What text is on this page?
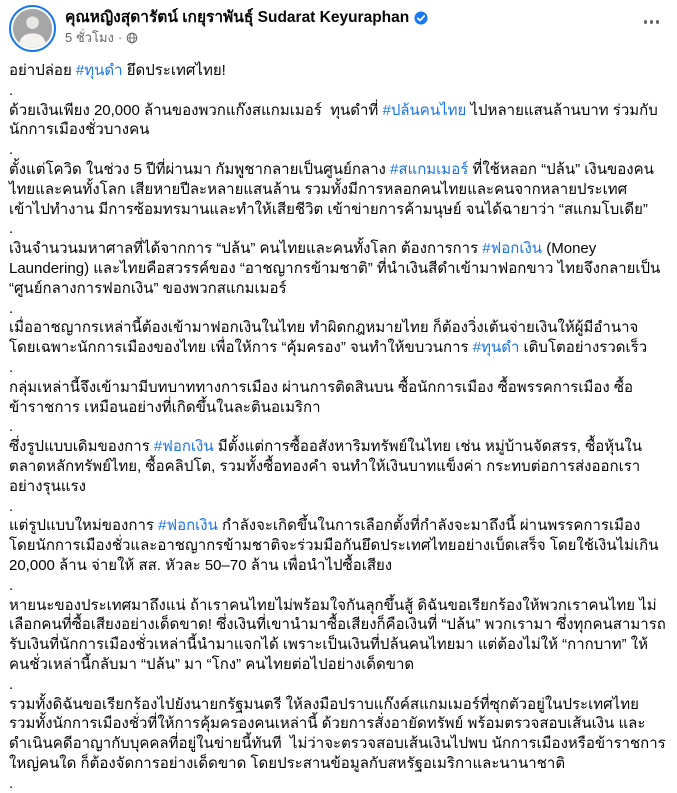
คุณหญิงสุดารัตน์ เกยุราพันธุ์ Sudarat Keyuraphan
5 ชั่วโมง ·
อย่าปล่อย #ทุนดำ ยึดประเทศไทย!
.
ด้วยเงินเพียง 20,000 ล้านของพวกแก๊งสแกมเมอร์  ทุนดำที่ #ปล้นคนไทย ไปหลายแสนล้านบาท ร่วมกับนักการเมืองชั่วบางคน
.
ตั้งแต่โควิด ในช่วง 5 ปีที่ผ่านมา กัมพูชากลายเป็นศูนย์กลาง #สแกมเมอร์ ที่ใช้หลอก “ปล้น” เงินของคนไทยและคนทั้งโลก เสียหายปีละหลายแสนล้าน รวมทั้งมีการหลอกคนไทยและคนจากหลายประเทศเข้าไปทำงาน มีการซ้อมทรมานและทำให้เสียชีวิต เข้าข่ายการค้ามนุษย์ จนได้ฉายาว่า “สแกมโบเดีย”
.
เงินจำนวนมหาศาลที่ได้จากการ “ปล้น” คนไทยและคนทั้งโลก ต้องการการ #ฟอกเงิน (Money Laundering) และไทยคือสวรรค์ของ “อาชญากรข้ามชาติ” ที่นำเงินสีดำเข้ามาฟอกขาว ไทยจึงกลายเป็น “ศูนย์กลางการฟอกเงิน” ของพวกสแกมเมอร์
.
เมื่ออาชญากรเหล่านี้ต้องเข้ามาฟอกเงินในไทย ทำผิดกฎหมายไทย ก็ต้องวิ่งเต้นจ่ายเงินให้ผู้มีอำนาจ โดยเฉพาะนักการเมืองของไทย เพื่อให้การ “คุ้มครอง” จนทำให้ขบวนการ #ทุนดำ เติบโตอย่างรวดเร็ว
.
กลุ่มเหล่านี้จึงเข้ามามีบทบาททางการเมือง ผ่านการติดสินบน ซื้อนักการเมือง ซื้อพรรคการเมือง ซื้อข้าราชการ เหมือนอย่างที่เกิดขึ้นในละตินอเมริกา
.
ซึ่งรูปแบบเดิมของการ #ฟอกเงิน มีตั้งแต่การซื้ออสังหาริมทรัพย์ในไทย เช่น หมู่บ้านจัดสรร, ซื้อหุ้นในตลาดหลักทรัพย์ไทย, ซื้อคลิปโต, รวมทั้งซื้อทองคำ จนทำให้เงินบาทแข็งค่า กระทบต่อการส่งออกเราอย่างรุนแรง
.
แต่รูปแบบใหม่ของการ #ฟอกเงิน กำลังจะเกิดขึ้นในการเลือกตั้งที่กำลังจะมาถึงนี้ ผ่านพรรคการเมือง โดยนักการเมืองชั่วและอาชญากรข้ามชาติจะร่วมมือกันยึดประเทศไทยอย่างเบ็ดเสร็จ โดยใช้เงินไม่เกิน 20,000 ล้าน จ่ายให้ สส. หัวละ 50–70 ล้าน เพื่อนำไปซื้อเสียง
.
หายนะของประเทศมาถึงแน่ ถ้าเราคนไทยไม่พร้อมใจกันลุกขึ้นสู้ ดิฉันขอเรียกร้องให้พวกเราคนไทย ไม่เลือกคนที่ซื้อเสียงอย่างเด็ดขาด! ซึ่งเงินที่เขานำมาซื้อเสียงก็คือเงินที่ “ปล้น” พวกเรามา ซึ่งทุกคนสามารถรับเงินที่นักการเมืองชั่วเหล่านี้นำมาแจกได้ เพราะเป็นเงินที่ปล้นคนไทยมา แต่ต้องไม่ให้ “กากบาท” ให้คนชั่วเหล่านี้กลับมา “ปล้น” มา “โกง” คนไทยต่อไปอย่างเด็ดขาด
.
รวมทั้งดิฉันขอเรียกร้องไปยังนายกรัฐมนตรี ให้ลงมือปราบแก๊งค์สแกมเมอร์ที่ซุกตัวอยู่ในประเทศไทย รวมทั้งนักการเมืองชั่วที่ให้การคุ้มครองคนเหล่านี้ ด้วยการสั่งอายัดทรัพย์ พร้อมตรวจสอบเส้นเงิน และดำเนินคดีอาญากับบุคคลที่อยู่ในข่ายนี้ทันที  ไม่ว่าจะตรวจสอบเส้นเงินไปพบ นักการเมืองหรือข้าราชการใหญ่คนใด ก็ต้องจัดการอย่างเด็ดขาด โดยประสานข้อมูลกับสหรัฐอเมริกาและนานาชาติ
.
